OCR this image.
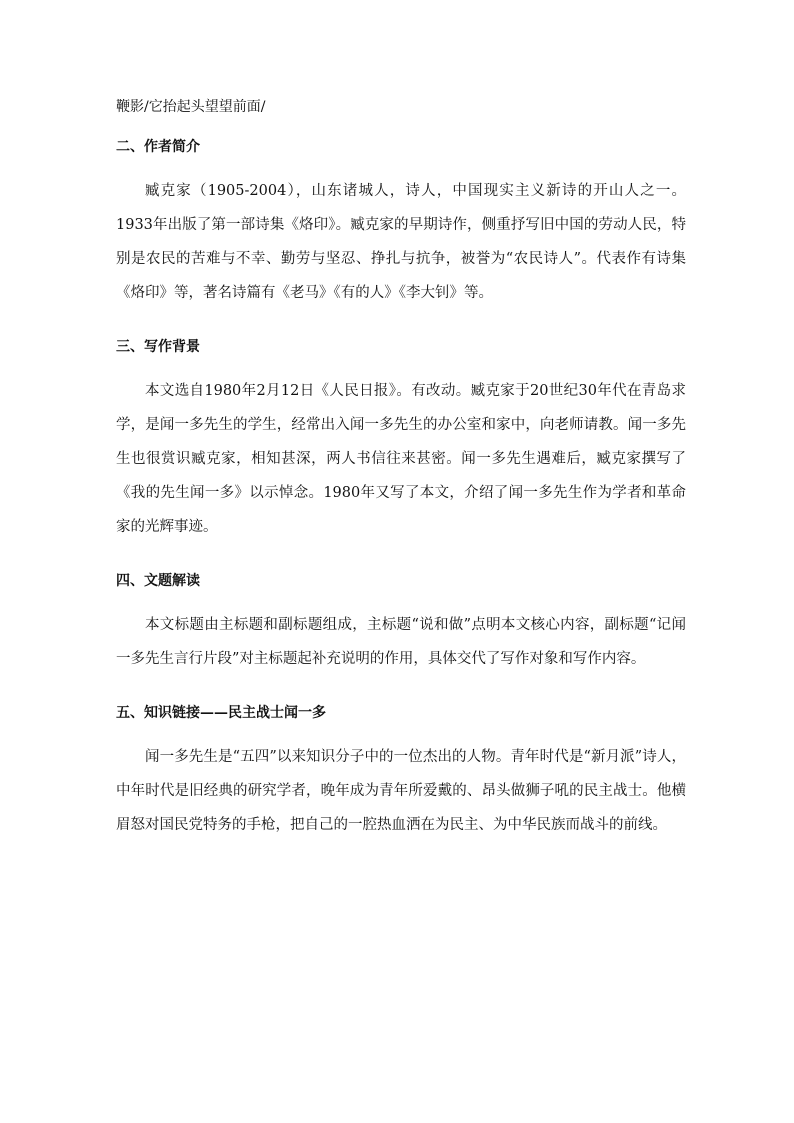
鞭影/它抬起头望望前面/

二、作者简介

臧克家（1905-2004），山东诸城人，诗人，中国现实主义新诗的开山人之一。1933年出版了第一部诗集《烙印》。臧克家的早期诗作，侧重抒写旧中国的劳动人民，特别是农民的苦难与不幸、勤劳与坚忍、挣扎与抗争，被誉为“农民诗人”。代表作有诗集《烙印》等，著名诗篇有《老马》《有的人》《李大钊》等。

三、写作背景

本文选自1980年2月12日《人民日报》。有改动。臧克家于20世纪30年代在青岛求学，是闻一多先生的学生，经常出入闻一多先生的办公室和家中，向老师请教。闻一多先生也很赏识臧克家，相知甚深，两人书信往来甚密。闻一多先生遇难后，臧克家撰写了《我的先生闻一多》以示悼念。1980年又写了本文，介绍了闻一多先生作为学者和革命家的光辉事迹。

四、文题解读

本文标题由主标题和副标题组成，主标题“说和做”点明本文核心内容，副标题“记闻一多先生言行片段”对主标题起补充说明的作用，具体交代了写作对象和写作内容。

五、知识链接——民主战士闻一多

闻一多先生是“五四”以来知识分子中的一位杰出的人物。青年时代是“新月派”诗人，中年时代是旧经典的研究学者，晚年成为青年所爱戴的、昂头做狮子吼的民主战士。他横眉怒对国民党特务的手枪，把自己的一腔热血洒在为民主、为中华民族而战斗的前线。
